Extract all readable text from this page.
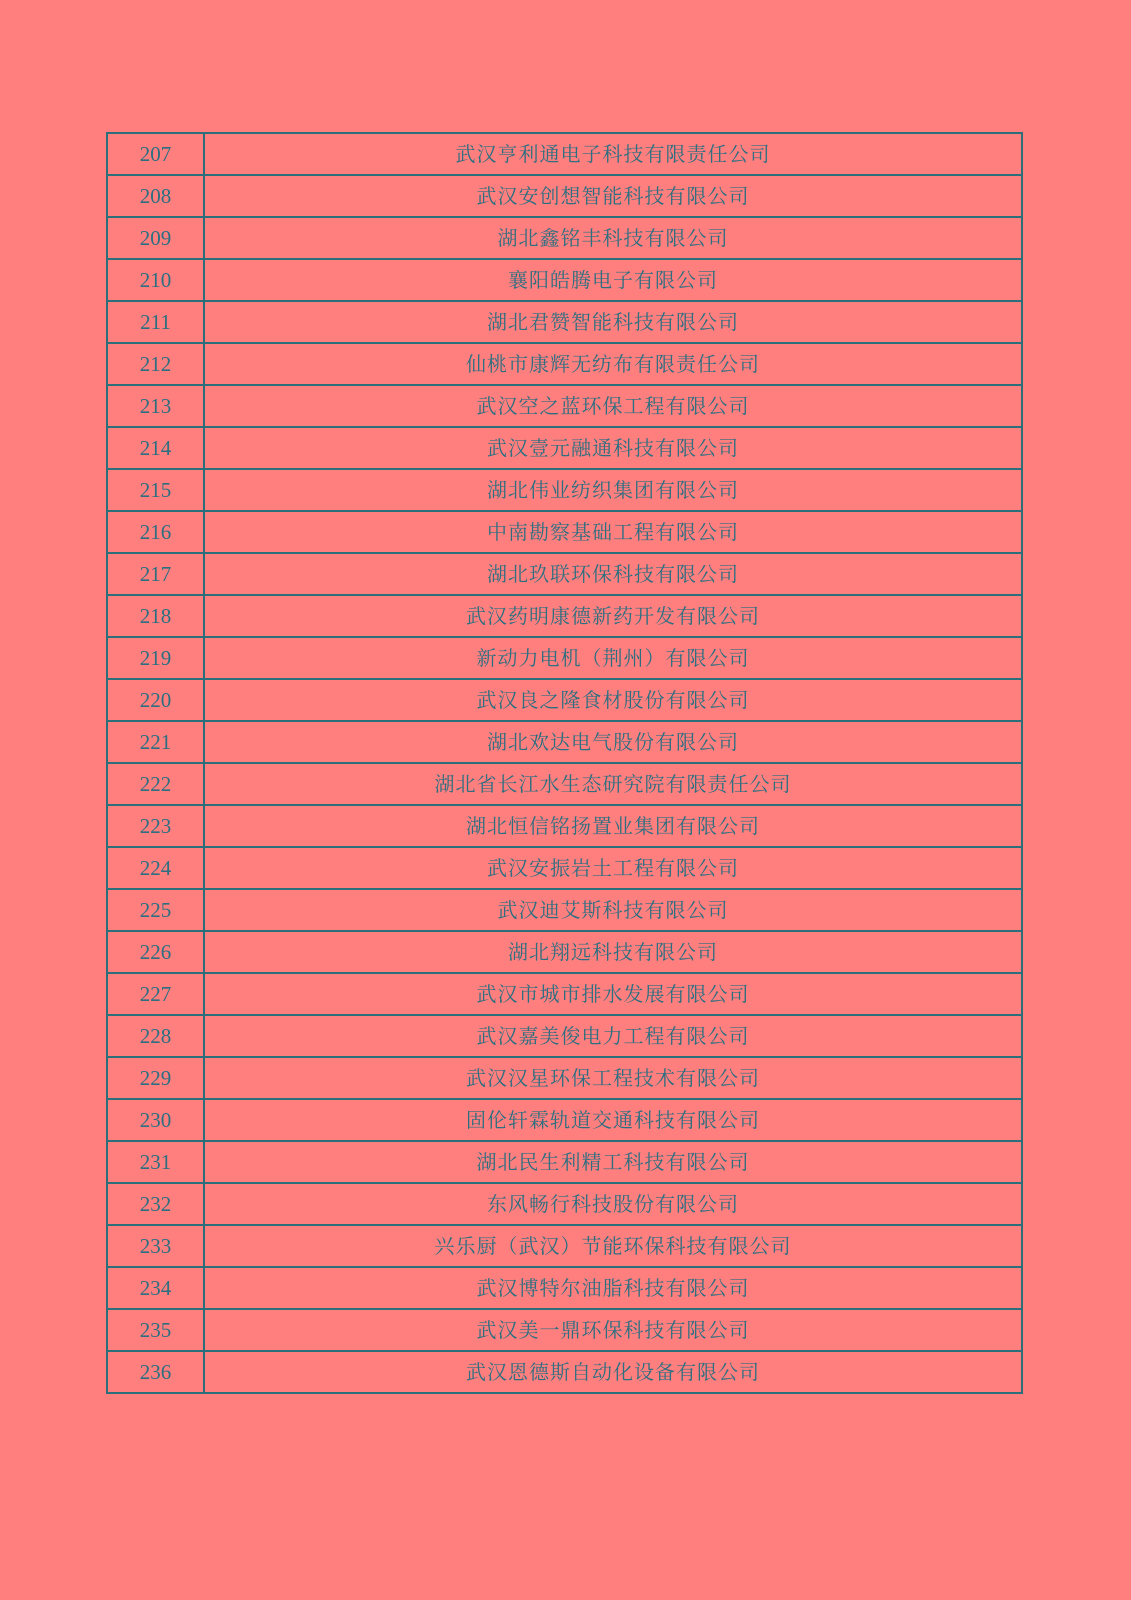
207	武汉亨利通电子科技有限责任公司
208	武汉安创想智能科技有限公司
209	湖北鑫铭丰科技有限公司
210	襄阳皓腾电子有限公司
211	湖北君赞智能科技有限公司
212	仙桃市康辉无纺布有限责任公司
213	武汉空之蓝环保工程有限公司
214	武汉壹元融通科技有限公司
215	湖北伟业纺织集团有限公司
216	中南勘察基础工程有限公司
217	湖北玖联环保科技有限公司
218	武汉药明康德新药开发有限公司
219	新动力电机（荆州）有限公司
220	武汉良之隆食材股份有限公司
221	湖北欢达电气股份有限公司
222	湖北省长江水生态研究院有限责任公司
223	湖北恒信铭扬置业集团有限公司
224	武汉安振岩土工程有限公司
225	武汉迪艾斯科技有限公司
226	湖北翔远科技有限公司
227	武汉市城市排水发展有限公司
228	武汉嘉美俊电力工程有限公司
229	武汉汉星环保工程技术有限公司
230	固伦轩霖轨道交通科技有限公司
231	湖北民生利精工科技有限公司
232	东风畅行科技股份有限公司
233	兴乐厨（武汉）节能环保科技有限公司
234	武汉博特尔油脂科技有限公司
235	武汉美一鼎环保科技有限公司
236	武汉恩德斯自动化设备有限公司
